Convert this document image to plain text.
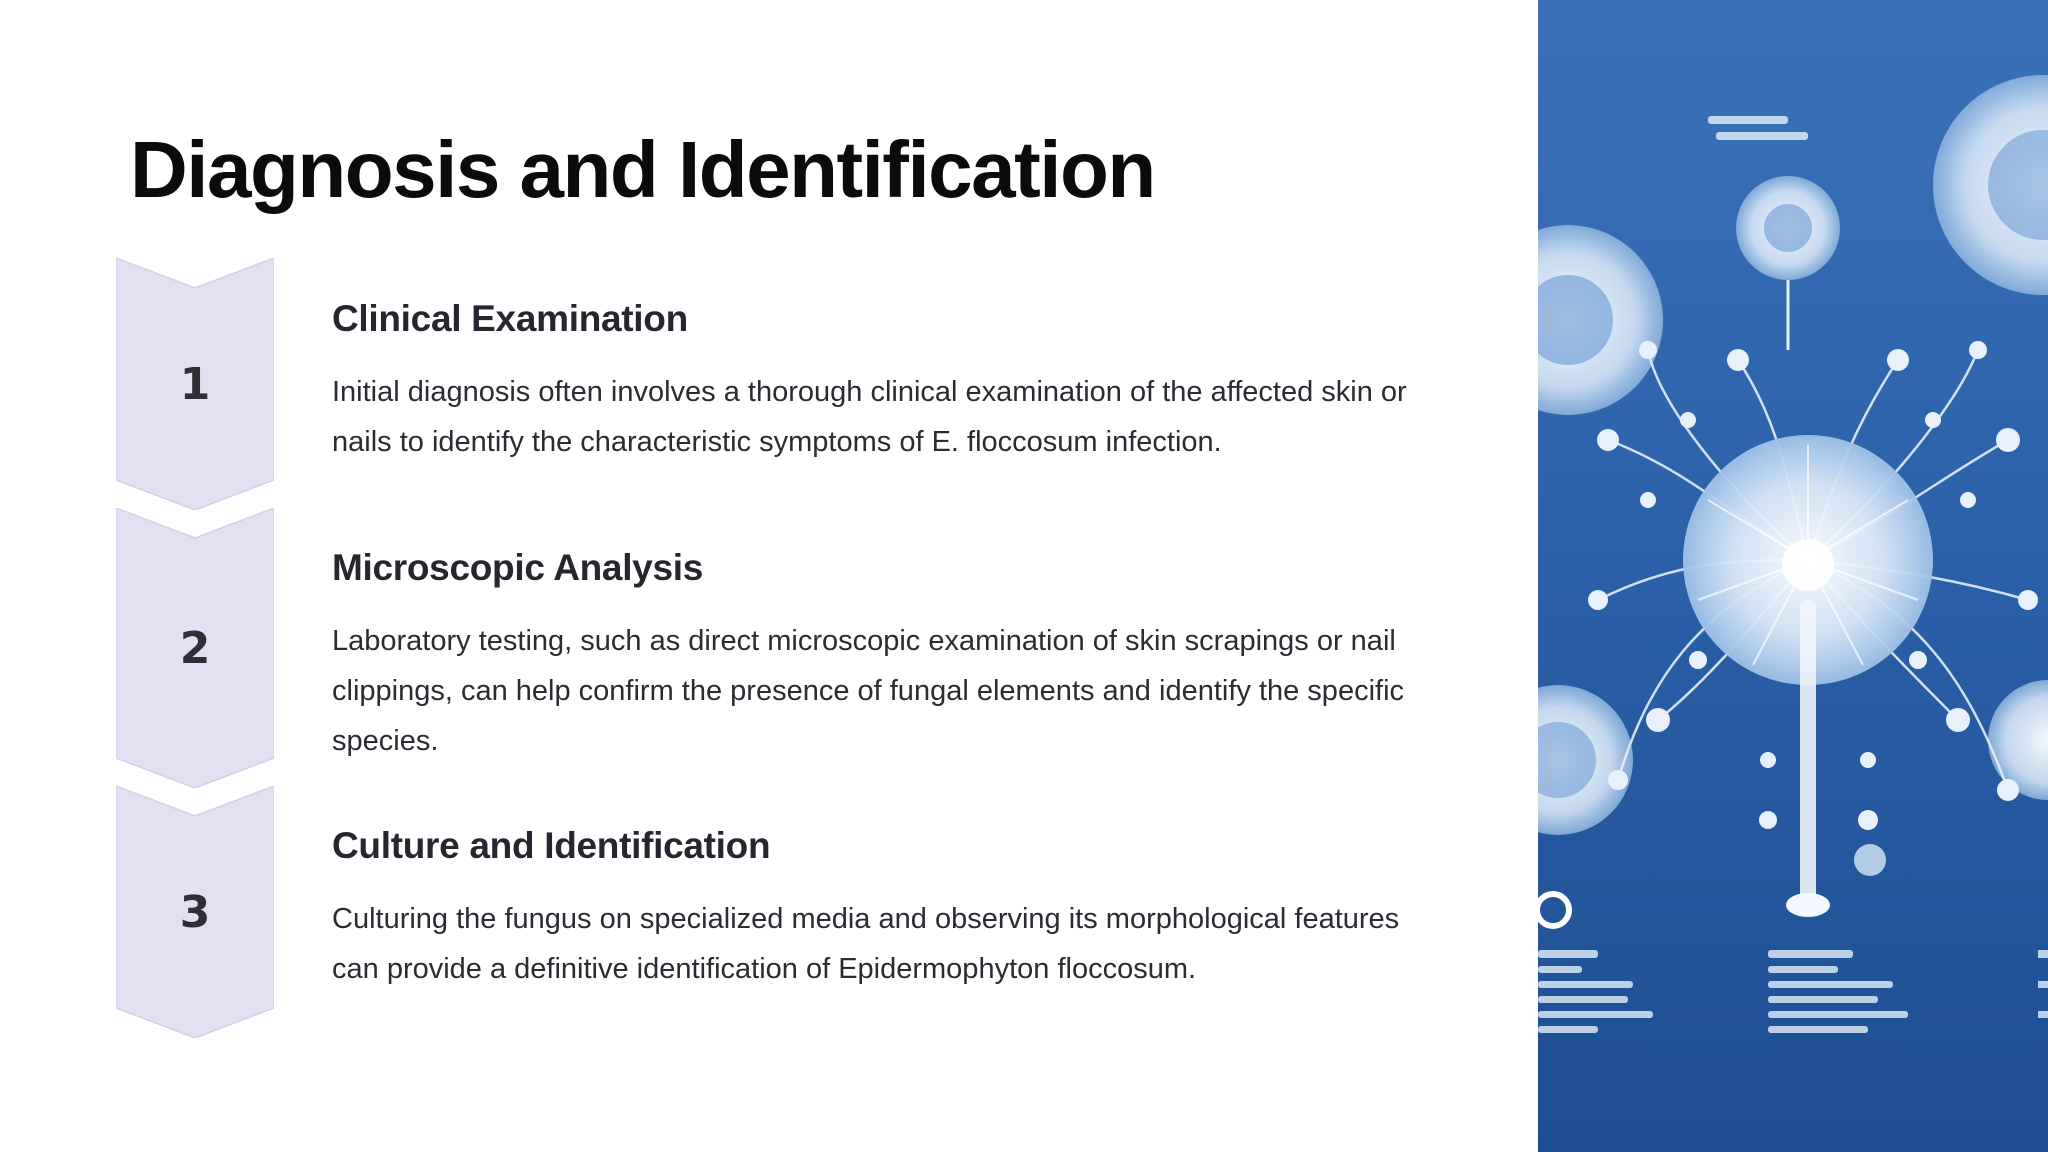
Diagnosis and Identification
1
Clinical Examination

Initial diagnosis often involves a thorough clinical examination of the affected skin or nails to identify the characteristic symptoms of E. floccosum infection.

2
Microscopic Analysis

Laboratory testing, such as direct microscopic examination of skin scrapings or nail clippings, can help confirm the presence of fungal elements and identify the specific species.

3
Culture and Identification

Culturing the fungus on specialized media and observing its morphological features can provide a definitive identification of Epidermophyton floccosum.
